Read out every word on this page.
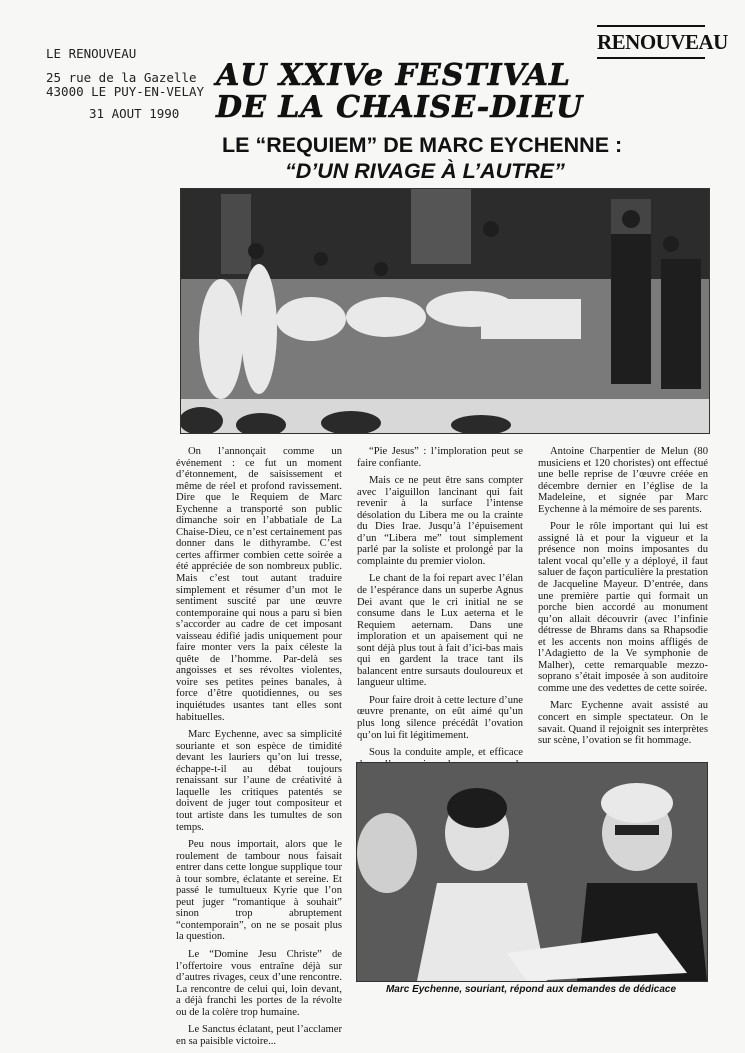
LE RENOUVEAU
25 rue de la Gazelle
43000 LE PUY-EN-VELAY
31 AOUT 1990
RENOUVEAU
AU XXIVe FESTIVAL
DE LA CHAISE-DIEU
LE “REQUIEM” DE MARC EYCHENNE :
“D’UN RIVAGE À L’AUTRE”

On l’annonçait comme un événement : ce fut un moment d’étonnement, de saisissement et même de réel et profond ravissement. Dire que le Requiem de Marc Eychenne a transporté son public dimanche soir en l’abbatiale de La Chaise-Dieu, ce n’est certainement pas donner dans le dithyrambe. C’est certes affirmer combien cette soirée a été appréciée de son nombreux public. Mais c’est tout autant traduire simplement et résumer d’un mot le sentiment suscité par une œuvre contemporaine qui nous a paru si bien s’accorder au cadre de cet imposant vaisseau édifié jadis uniquement pour faire monter vers la paix céleste la quête de l’homme. Par-delà ses angoisses et ses révoltes violentes, voire ses petites peines banales, à force d’être quotidiennes, ou ses inquiétudes usantes tant elles sont habituelles.

Marc Eychenne, avec sa simplicité souriante et son espèce de timidité devant les lauriers qu’on lui tresse, échappe-t-il au débat toujours renaissant sur l’aune de créativité à laquelle les critiques patentés se doivent de juger tout compositeur et tout artiste dans les tumultes de son temps.

Peu nous importait, alors que le roulement de tambour nous faisait entrer dans cette longue supplique tour à tour sombre, éclatante et sereine. Et passé le tumultueux Kyrie que l’on peut juger “romantique à souhait” sinon trop abruptement “contemporain”, on ne se posait plus la question.

Le “Domine Jesu Christe” de l’offertoire vous entraîne déjà sur d’autres rivages, ceux d’une rencontre. La rencontre de celui qui, loin devant, a déjà franchi les portes de la révolte ou de la colère trop humaine.

Le Sanctus éclatant, peut l’acclamer en sa paisible victoire...

“Pie Jesus” : l’imploration peut se faire confiante.

Mais ce ne peut être sans compter avec l’aiguillon lancinant qui fait revenir à la surface l’intense désolation du Libera me ou la crainte du Dies Irae. Jusqu’à l’épuisement d’un “Libera me” tout simplement parlé par la soliste et prolongé par la complainte du premier violon.

Le chant de la foi repart avec l’élan de l’espérance dans un superbe Agnus Dei avant que le cri initial ne se consume dans le Lux aeterna et le Requiem aeternam. Dans une imploration et un apaisement qui ne sont déjà plus tout à fait d’ici-bas mais qui en gardent la trace tant ils balancent entre sursauts douloureux et langueur ultime.

Pour faire droit à cette lecture d’une œuvre prenante, on eût aimé qu’un plus long silence précédât l’ovation qu’on lui fit légitimement.

Sous la conduite ample, et efficace

Antoine Charpentier de Melun (80 musiciens et 120 choristes) ont effectué une belle reprise de l’œuvre créée en décembre dernier en l’église de la Madeleine, et signée par Marc Eychenne à la mémoire de ses parents.

Pour le rôle important qui lui est assigné là et pour la vigueur et la présence non moins imposantes du talent vocal qu’elle y a déployé, il faut saluer de façon particulière la prestation de Jacqueline Mayeur. D’entrée, dans une première partie qui formait un porche bien accordé au monument qu’on allait découvrir (avec l’infinie détresse de Bhrams dans sa Rhapsodie et les accents non moins affligés de l’Adagietto de la Ve symphonie de Malher), cette remarquable mezzo-soprano s’était imposée à son auditoire comme une des vedettes de cette soirée.

Marc Eychenne avait assisté au concert en simple spectateur. On le savait. Quand il rejoignit ses interprètes sur scène, l’ovation se fit hommage.

Marc Eychenne, souriant, répond aux demandes de dédicace
